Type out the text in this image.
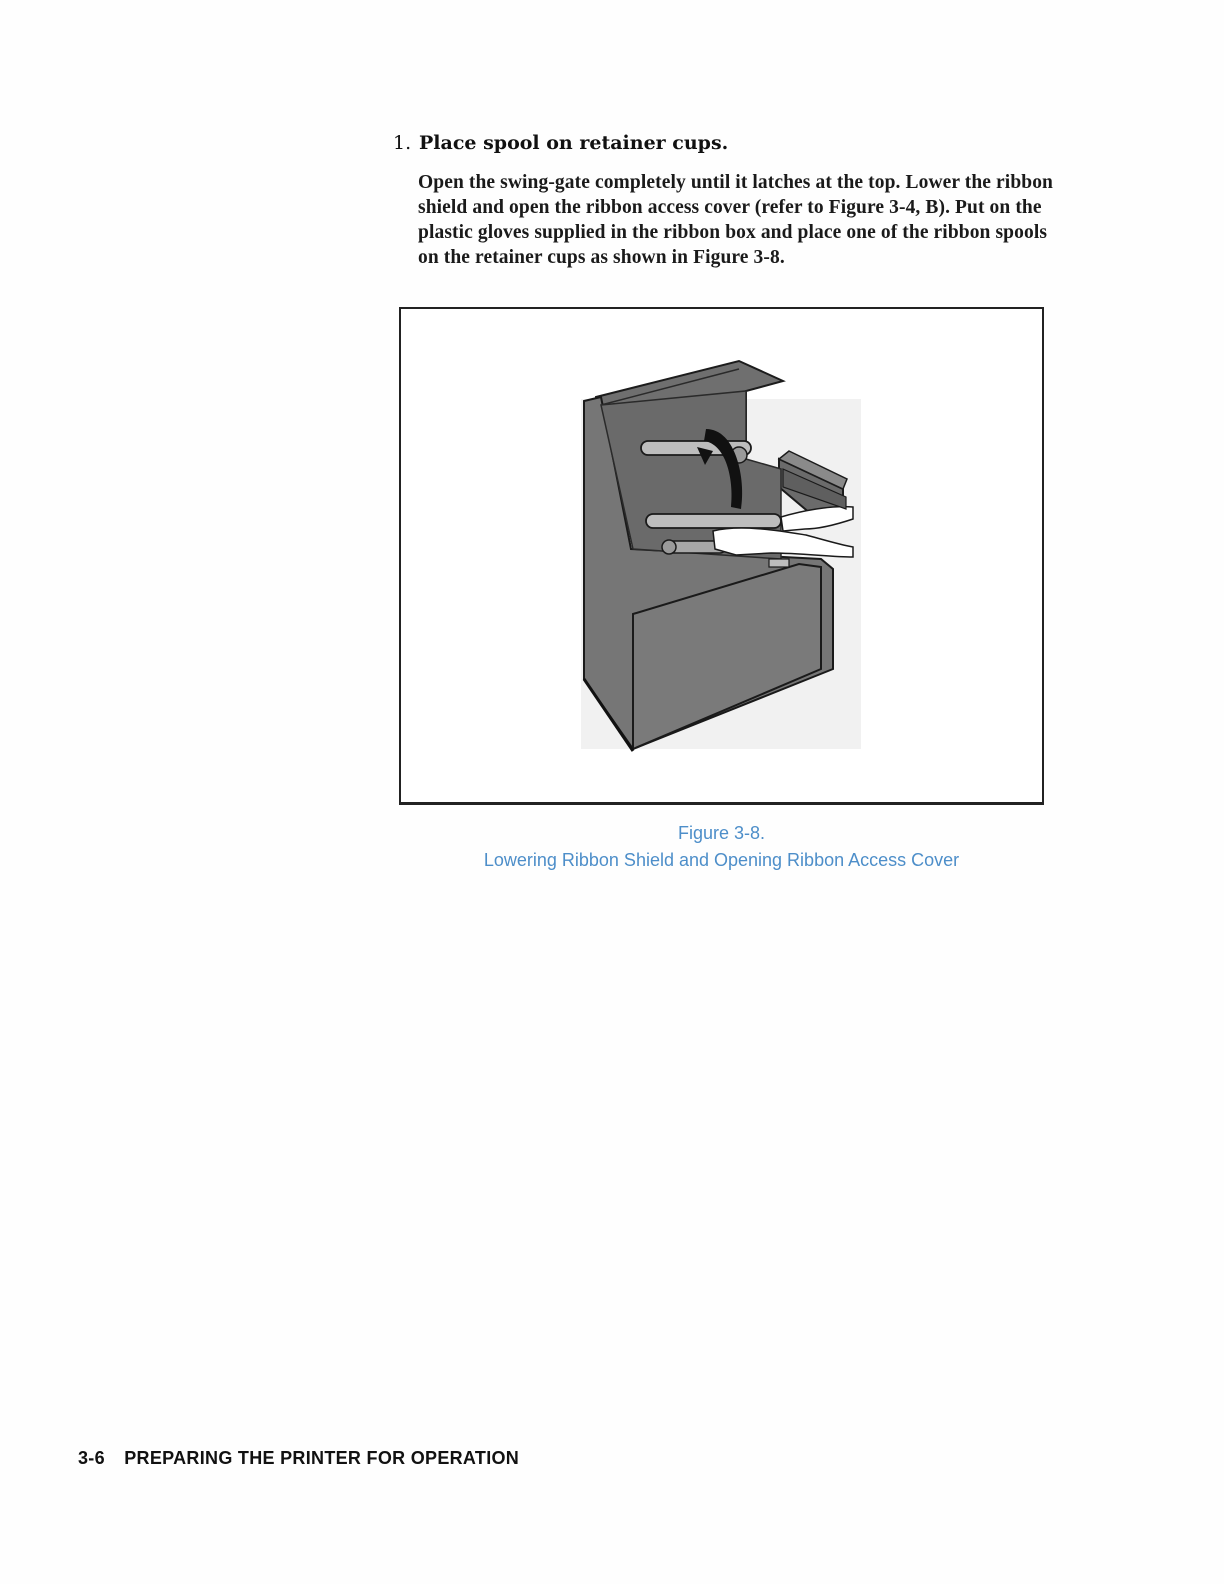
1. Place spool on retainer cups.

Open the swing-gate completely until it latches at the top. Lower the ribbon shield and open the ribbon access cover (refer to Figure 3-4, B). Put on the plastic gloves supplied in the ribbon box and place one of the ribbon spools on the retainer cups as shown in Figure 3-8.

Figure 3-8.
Lowering Ribbon Shield and Opening Ribbon Access Cover
3-6 PREPARING THE PRINTER FOR OPERATION
